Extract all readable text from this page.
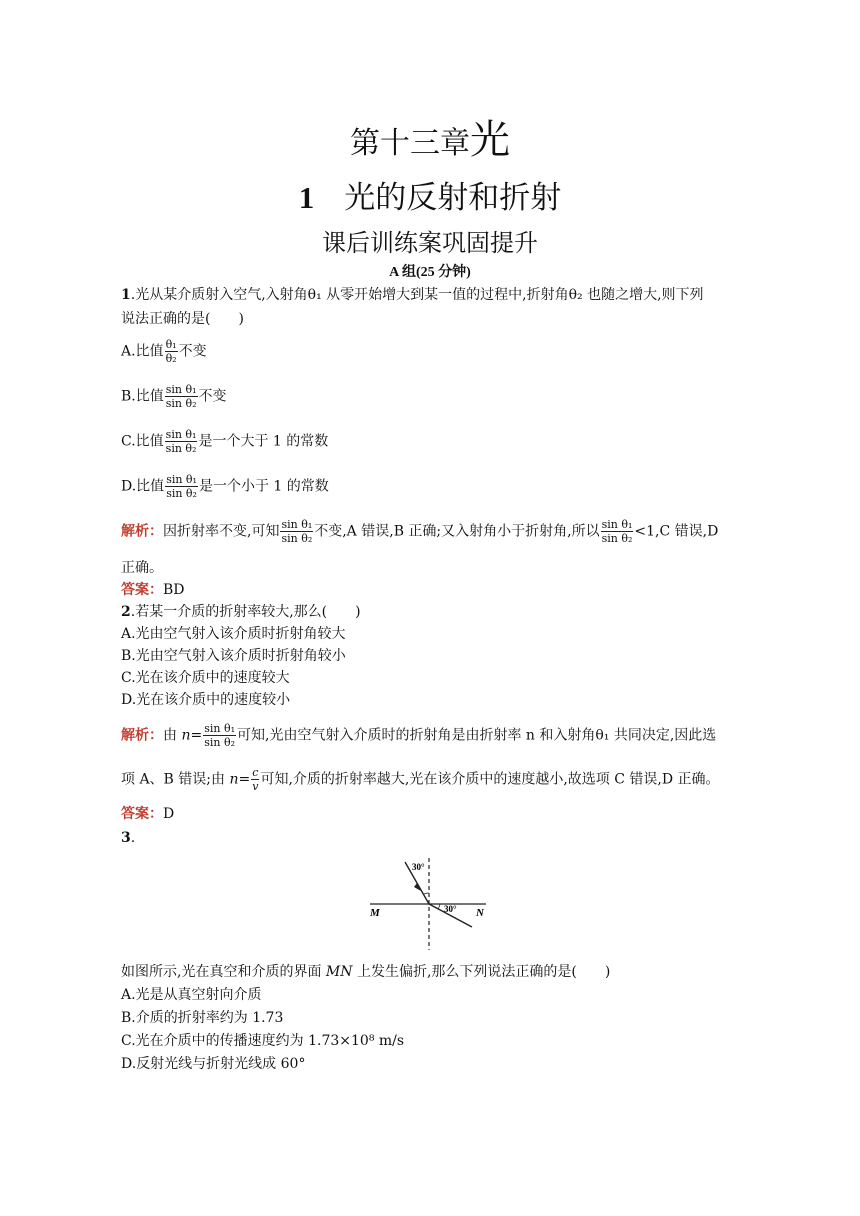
第十三章光
1 光的反射和折射
课后训练案巩固提升
A 组(25 分钟)
1.光从某介质射入空气,入射角θ₁ 从零开始增大到某一值的过程中,折射角θ₂ 也随之增大,则下列
说法正确的是(　　)
A.比值 $\frac{\text{θ₁}}{\text{θ₂}}$ 不变
B.比值 $\frac{\text{sin θ₁}}{\text{sin θ₂}}$ 不变
C.比值 $\frac{\text{sin θ₁}}{\text{sin θ₂}}$ 是一个大于 1 的常数
D.比值 $\frac{\text{sin θ₁}}{\text{sin θ₂}}$ 是一个小于 1 的常数
解析：因折射率不变,可知 $\frac{\text{sin θ₁}}{\text{sin θ₂}}$ 不变,A 错误,B 正确;又入射角小于折射角,所以 $\frac{\text{sin θ₁}}{\text{sin θ₂}} <1,C$ 错误,D
正确。
答案：BD
2.若某一介质的折射率较大,那么(　　)
A.光由空气射入该介质时折射角较大
B.光由空气射入该介质时折射角较小
C.光在该介质中的速度较大
D.光在该介质中的速度较小
解析：由 $n= \frac{\text{sin θ₁}}{\text{sin θ₂}}$ 可知,光由空气射入介质时的折射角是由折射率 n 和入射角θ₁ 共同决定,因此选
项 A、B 错误;由 $n= \frac{c}{v}$ 可知,介质的折射率越大,光在该介质中的速度越小,故选项 C 错误,D 正确。
答案：D
3.
30°
30°
M	N
如图所示,光在真空和介质的界面 MN 上发生偏折,那么下列说法正确的是(　　)
A.光是从真空射向介质
B.介质的折射率约为 1.73
C.光在介质中的传播速度约为 1.73×10⁸ m/s
D.反射光线与折射光线成 60°
